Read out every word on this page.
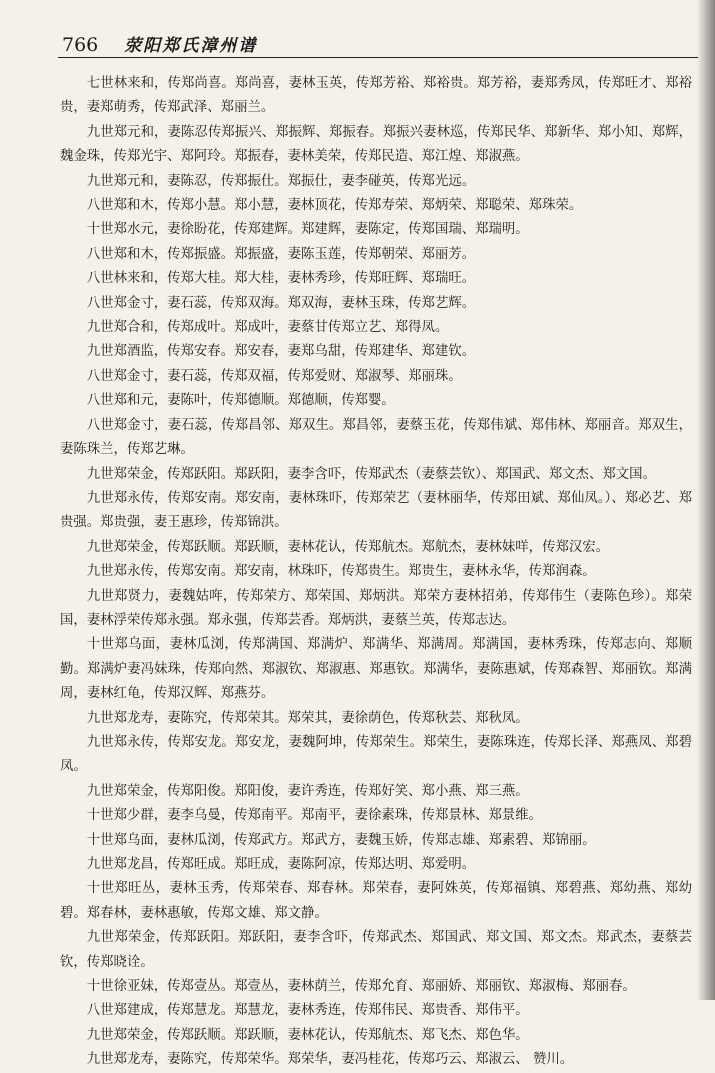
766 荥阳郑氏漳州谱

七世林来和，传郑尚喜。郑尚喜，妻林玉英，传郑芳裕、郑裕贵。郑芳裕，妻郑秀凤，传郑旺才、郑裕贵，妻郑萌秀，传郑武泽、郑丽兰。

九世郑元和，妻陈忍传郑振兴、郑振辉、郑振春。郑振兴妻林巡，传郑民华、郑新华、郑小知、郑辉，魏金珠，传郑光宇、郑阿玲。郑振春，妻林美荣，传郑民造、郑江煌、郑淑燕。

九世郑元和，妻陈忍，传郑振仕。郑振仕，妻李碰英，传郑光远。

八世郑和木，传郑小慧。郑小慧，妻林顶花，传郑寿荣、郑炳荣、郑聪荣、郑珠荣。

十世郑水元，妻徐盼花，传郑建辉。郑建辉，妻陈定，传郑国瑞、郑瑞明。

八世郑和木，传郑振盛。郑振盛，妻陈玉莲，传郑朝荣、郑丽芳。

八世林来和，传郑大桂。郑大桂，妻林秀珍，传郑旺辉、郑瑞旺。

八世郑金寸，妻石蕊，传郑双海。郑双海，妻林玉珠，传郑艺辉。

九世郑合和，传郑成叶。郑成叶，妻蔡甘传郑立艺、郑得凤。

九世郑酒监，传郑安春。郑安春，妻郑乌甜，传郑建华、郑建钦。

八世郑金寸，妻石蕊，传郑双福，传郑爱财、郑淑琴、郑丽珠。

八世郑和元，妻陈叶，传郑德顺。郑德顺，传郑婴。

八世郑金寸，妻石蕊，传郑昌邻、郑双生。郑昌邻，妻蔡玉花，传郑伟斌、郑伟林、郑丽音。郑双生，妻陈珠兰，传郑艺琳。

九世郑荣金，传郑跃阳。郑跃阳，妻李含吓，传郑武杰（妻蔡芸钦）、郑国武、郑文杰、郑文国。

九世郑永传，传郑安南。郑安南，妻林珠吓，传郑荣艺（妻林丽华，传郑田斌、郑仙凤。）、郑必艺、郑贵强。郑贵强，妻王惠珍，传郑锦洪。

九世郑荣金，传郑跃顺。郑跃顺，妻林花认，传郑航杰。郑航杰，妻林妹咩，传郑汉宏。

九世郑永传，传郑安南。郑安南，林珠吓，传郑贵生。郑贵生，妻林永华，传郑润森。

九世郑贤力，妻魏姑哖，传郑荣方、郑荣国、郑炳洪。郑荣方妻林招弟，传郑伟生（妻陈色珍）。郑荣国，妻林浮荣传郑永强。郑永强，传郑芸香。郑炳洪，妻蔡兰英，传郑志达。

十世郑乌面，妻林瓜浏，传郑满国、郑满炉、郑满华、郑满周。郑满国，妻林秀珠，传郑志向、郑顺勤。郑满炉妻冯妹珠，传郑向然、郑淑钦、郑淑惠、郑惠钦。郑满华，妻陈惠斌，传郑森智、郑丽钦。郑满周，妻林红龟，传郑汉辉、郑燕芬。

九世郑龙寿，妻陈究，传郑荣其。郑荣其，妻徐荫色，传郑秋芸、郑秋凤。

九世郑永传，传郑安龙。郑安龙，妻魏阿坤，传郑荣生。郑荣生，妻陈珠连，传郑长泽、郑燕凤、郑碧凤。

九世郑荣金，传郑阳俊。郑阳俊，妻许秀连，传郑好笑、郑小燕、郑三燕。

十世郑少群，妻李乌曼，传郑南平。郑南平，妻徐素珠，传郑景林、郑景维。

十世郑乌面，妻林瓜浏，传郑武方。郑武方，妻魏玉娇，传郑志雄、郑素碧、郑锦丽。

九世郑龙昌，传郑旺成。郑旺成，妻陈阿凉，传郑达明、郑爱明。

十世郑旺丛，妻林玉秀，传郑荣春、郑春林。郑荣春，妻阿姝英，传郑福镇、郑碧燕、郑幼燕、郑幼碧。郑春林，妻林惠敏，传郑文雄、郑文静。

九世郑荣金，传郑跃阳。郑跃阳，妻李含吓，传郑武杰、郑国武、郑文国、郑文杰。郑武杰，妻蔡芸钦，传郑晓诠。

十世徐亚妹，传郑壹丛。郑壹丛，妻林荫兰，传郑允育、郑丽娇、郑丽钦、郑淑梅、郑丽春。

八世郑建成，传郑慧龙。郑慧龙，妻林秀连，传郑伟民、郑贵香、郑伟平。

九世郑荣金，传郑跃顺。郑跃顺，妻林花认，传郑航杰、郑飞杰、郑色华。

九世郑龙寿，妻陈究，传郑荣华。郑荣华，妻冯桂花，传郑巧云、郑淑云、 赞川。
